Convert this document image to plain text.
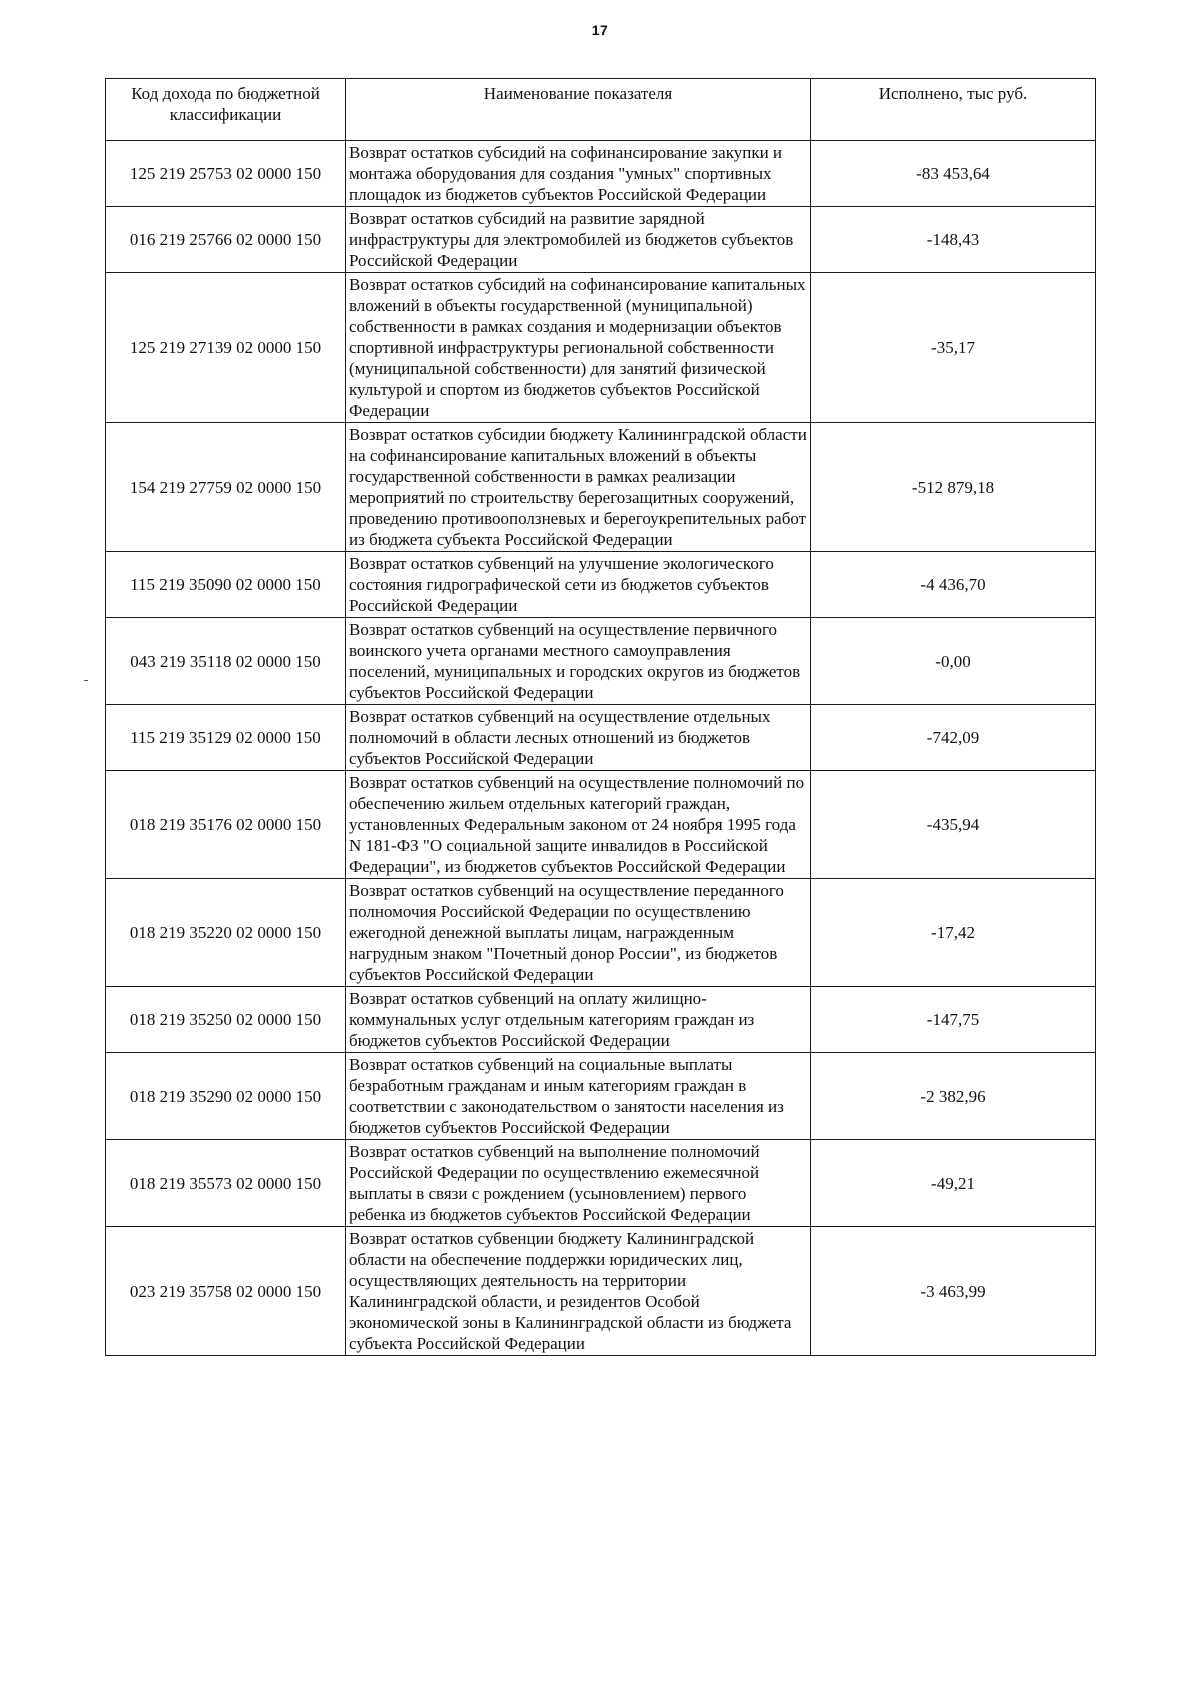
17
Код дохода по бюджетной классификации	Наименование показателя	Исполнено, тыс руб.
125 219 25753 02 0000 150	Возврат остатков субсидий на софинансирование закупки и монтажа оборудования для создания "умных" спортивных площадок из бюджетов субъектов Российской Федерации	-83 453,64
016 219 25766 02 0000 150	Возврат остатков субсидий на развитие зарядной инфраструктуры для электромобилей из бюджетов субъектов Российской Федерации	-148,43
125 219 27139 02 0000 150	Возврат остатков субсидий на софинансирование капитальных вложений в объекты государственной (муниципальной) собственности в рамках создания и модернизации объектов спортивной инфраструктуры региональной собственности (муниципальной собственности) для занятий физической культурой и спортом из бюджетов субъектов Российской Федерации	-35,17
154 219 27759 02 0000 150	Возврат остатков субсидии бюджету Калининградской области на софинансирование капитальных вложений в объекты государственной собственности в рамках реализации мероприятий по строительству берегозащитных сооружений, проведению противооползневых и берегоукрепительных работ из бюджета субъекта Российской Федерации	-512 879,18
115 219 35090 02 0000 150	Возврат остатков субвенций на улучшение экологического состояния гидрографической сети из бюджетов субъектов Российской Федерации	-4 436,70
043 219 35118 02 0000 150	Возврат остатков субвенций на осуществление первичного воинского учета органами местного самоуправления поселений, муниципальных и городских округов из бюджетов субъектов Российской Федерации	-0,00
115 219 35129 02 0000 150	Возврат остатков субвенций на осуществление отдельных полномочий в области лесных отношений из бюджетов субъектов Российской Федерации	-742,09
018 219 35176 02 0000 150	Возврат остатков субвенций на осуществление полномочий по обеспечению жильем отдельных категорий граждан, установленных Федеральным законом от 24 ноября 1995 года N 181-ФЗ "О социальной защите инвалидов в Российской Федерации", из бюджетов субъектов Российской Федерации	-435,94
018 219 35220 02 0000 150	Возврат остатков субвенций на осуществление переданного полномочия Российской Федерации по осуществлению ежегодной денежной выплаты лицам, награжденным нагрудным знаком "Почетный донор России", из бюджетов субъектов Российской Федерации	-17,42
018 219 35250 02 0000 150	Возврат остатков субвенций на оплату жилищно-коммунальных услуг отдельным категориям граждан из бюджетов субъектов Российской Федерации	-147,75
018 219 35290 02 0000 150	Возврат остатков субвенций на социальные выплаты безработным гражданам и иным категориям граждан в соответствии с законодательством о занятости населения из бюджетов субъектов Российской Федерации	-2 382,96
018 219 35573 02 0000 150	Возврат остатков субвенций на выполнение полномочий Российской Федерации по осуществлению ежемесячной выплаты в связи с рождением (усыновлением) первого ребенка из бюджетов субъектов Российской Федерации	-49,21
023 219 35758 02 0000 150	Возврат остатков субвенции бюджету Калининградской области на обеспечение поддержки юридических лиц, осуществляющих деятельность на территории Калининградской области, и резидентов Особой экономической зоны в Калининградской области из бюджета субъекта Российской Федерации	-3 463,99
